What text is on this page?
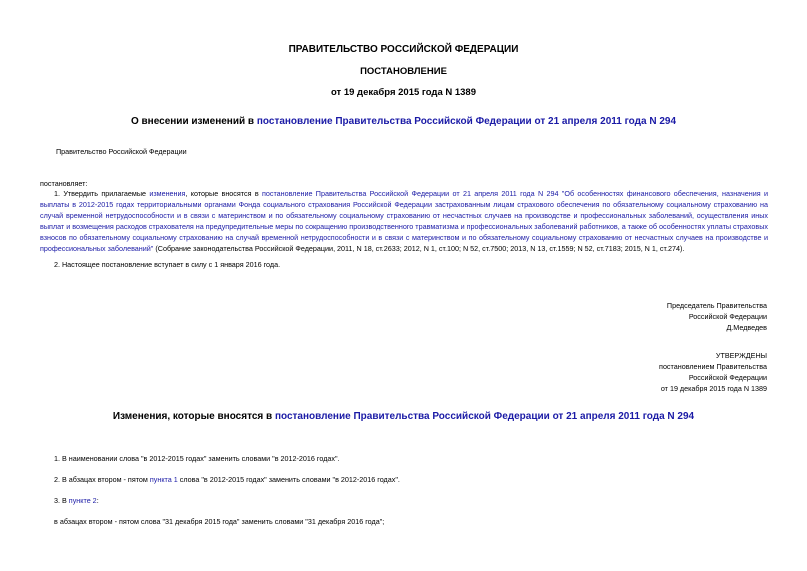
ПРАВИТЕЛЬСТВО РОССИЙСКОЙ ФЕДЕРАЦИИ
ПОСТАНОВЛЕНИЕ
от 19 декабря 2015 года N 1389
О внесении изменений в постановление Правительства Российской Федерации от 21 апреля 2011 года N 294
Правительство Российской Федерации
постановляет:
1. Утвердить прилагаемые изменения, которые вносятся в постановление Правительства Российской Федерации от 21 апреля 2011 года N 294 "Об особенностях финансового обеспечения, назначения и выплаты в 2012-2015 годах территориальными органами Фонда социального страхования Российской Федерации застрахованным лицам страхового обеспечения по обязательному социальному страхованию на случай временной нетрудоспособности и в связи с материнством и по обязательному социальному страхованию от несчастных случаев на производстве и профессиональных заболеваний, осуществления иных выплат и возмещения расходов страхователя на предупредительные меры по сокращению производственного травматизма и профессиональных заболеваний работников, а также об особенностях уплаты страховых взносов по обязательному социальному страхованию на случай временной нетрудоспособности и в связи с материнством и по обязательному социальному страхованию от несчастных случаев на производстве и профессиональных заболеваний" (Собрание законодательства Российской Федерации, 2011, N 18, ст.2633; 2012, N 1, ст.100; N 52, ст.7500; 2013, N 13, ст.1559; N 52, ст.7183; 2015, N 1, ст.274).
2. Настоящее постановление вступает в силу с 1 января 2016 года.
Председатель Правительства
Российской Федерации
Д.Медведев
УТВЕРЖДЕНЫ
постановлением Правительства
Российской Федерации
от 19 декабря 2015 года N 1389
Изменения, которые вносятся в постановление Правительства Российской Федерации от 21 апреля 2011 года N 294
1. В наименовании слова "в 2012-2015 годах" заменить словами "в 2012-2016 годах".
2. В абзацах втором - пятом пункта 1 слова "в 2012-2015 годах" заменить словами "в 2012-2016 годах".
3. В пункте 2:
в абзацах втором - пятом слова "31 декабря 2015 года" заменить словами "31 декабря 2016 года";
